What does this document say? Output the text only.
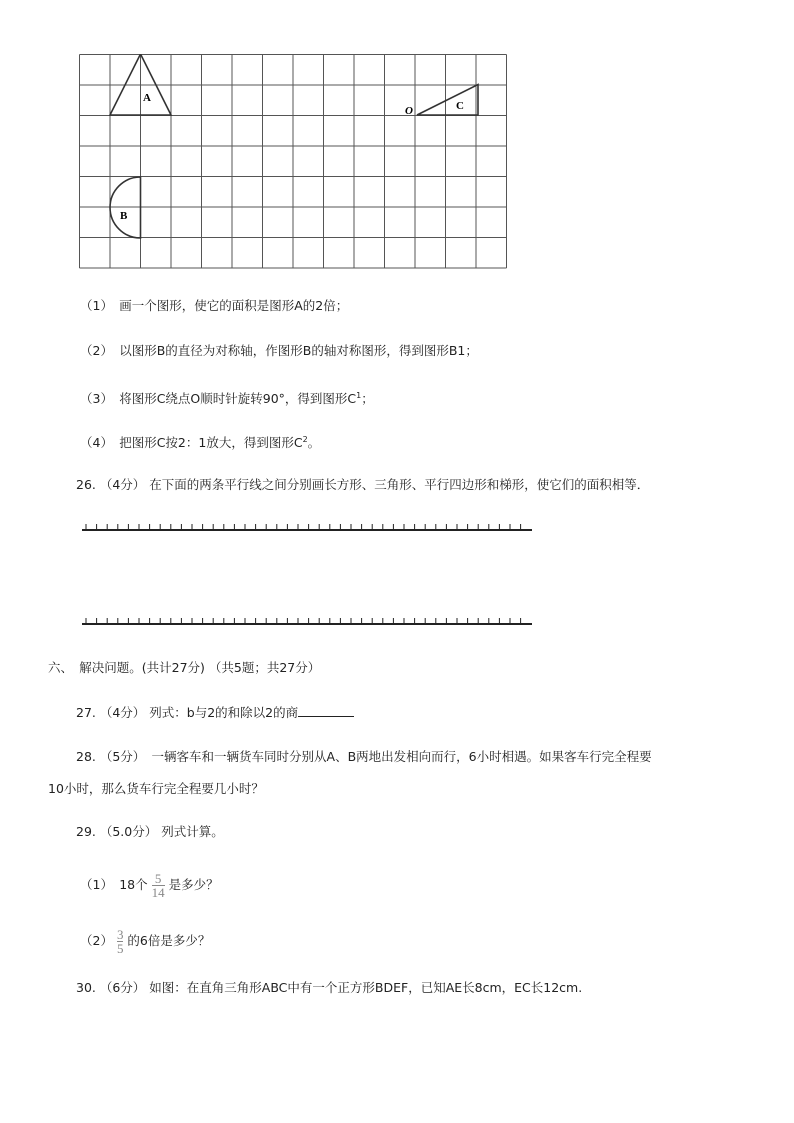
A
B
C
O
（1）　画一个图形，使它的面积是图形A的2倍；
（2）　以图形B的直径为对称轴，作图形B的轴对称图形，得到图形B1；
（3）　将图形C绕点O顺时针旋转90°，得到图形$C^1$；
（4）　把图形C按2：1放大，得到图形$C^2$。
26. （4分） 在下面的两条平行线之间分别画长方形、三角形、平行四边形和梯形，使它们的面积相等．
六、　解决问题。(共计27分) （共5题；共27分）
27. （4分） 列式：b与2的和除以2的商
28. （5分）　一辆客车和一辆货车同时分别从A、B两地出发相向而行，6小时相遇。如果客车行完全程要
10小时，那么货车行完全程要几小时？
29. （5.0分） 列式计算。
（1）　18个 $\frac{5}{14}$ 是多少？
$(2) \frac{3}{5}$ 的6倍是多少？
30. （6分） 如图：在直角三角形ABC中有一个正方形BDEF，已知AE长8cm，EC长12cm.
